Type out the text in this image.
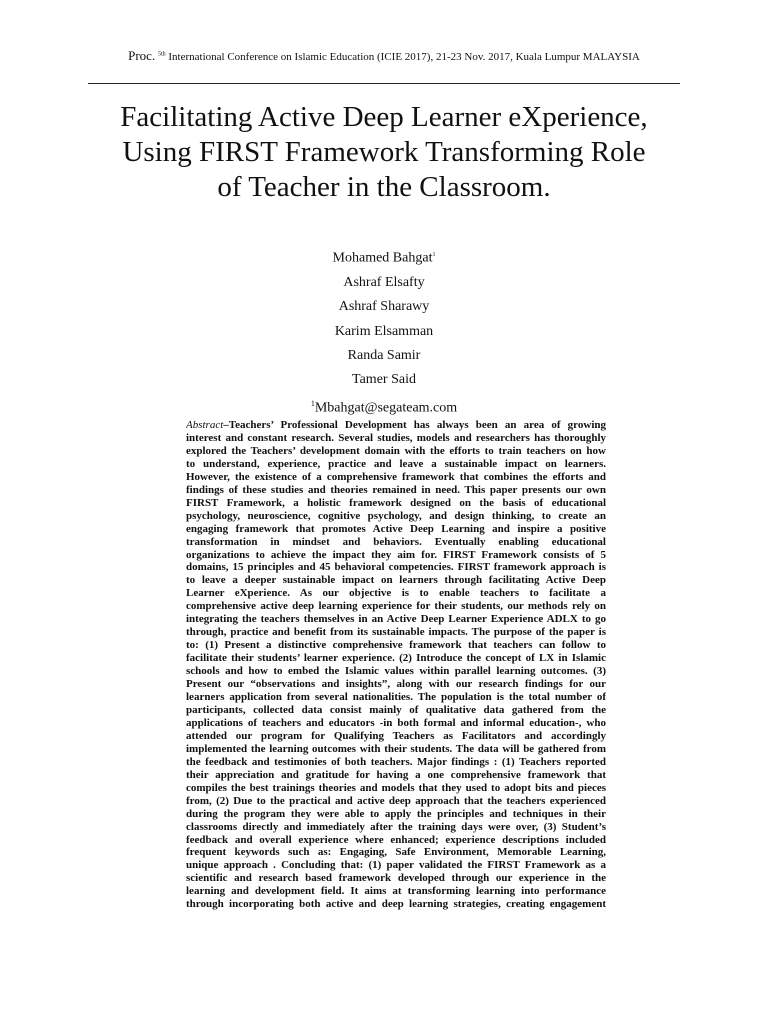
Proc. $^{5th}$ International Conference on Islamic Education (ICIE 2017), 21-23 Nov. 2017, Kuala Lumpur MALAYSIA
Facilitating Active Deep Learner eXperience,
Using FIRST Framework Transforming Role
of Teacher in the Classroom.
Mohamed Bahgat$^1$
Ashraf Elsafty
Ashraf Sharawy
Karim Elsamman
Randa Samir
Tamer Said
$^1$Mbahgat@segateam.com
Abstract–Teachers’ Professional Development has always been an area of growing
interest and constant research. Several studies, models and researchers has thoroughly
explored the Teachers’ development domain with the efforts to train teachers on how
to understand, experience, practice and leave a sustainable impact on learners.
However, the existence of a comprehensive framework that combines the efforts and
findings of these studies and theories remained in need. This paper presents our own
FIRST Framework, a holistic framework designed on the basis of educational
psychology, neuroscience, cognitive psychology, and design thinking, to create an
engaging framework that promotes Active Deep Learning and inspire a positive
transformation in mindset and behaviors. Eventually enabling educational
organizations to achieve the impact they aim for. FIRST Framework consists of 5
domains, 15 principles and 45 behavioral competencies. FIRST framework approach is
to leave a deeper sustainable impact on learners through facilitating Active Deep
Learner eXperience. As our objective is to enable teachers to facilitate a
comprehensive active deep learning experience for their students, our methods rely on
integrating the teachers themselves in an Active Deep Learner Experience ADLX to go
through, practice and benefit from its sustainable impacts. The purpose of the paper is
to: (1) Present a distinctive comprehensive framework that teachers can follow to
facilitate their students’ learner experience. (2) Introduce the concept of LX in Islamic
schools and how to embed the Islamic values within parallel learning outcomes. (3)
Present our “observations and insights”, along with our research findings for our
learners application from several nationalities. The population is the total number of
participants, collected data consist mainly of qualitative data gathered from the
applications of teachers and educators -in both formal and informal education-, who
attended our program for Qualifying Teachers as Facilitators and accordingly
implemented the learning outcomes with their students. The data will be gathered from
the feedback and testimonies of both teachers. Major findings : (1) Teachers reported
their appreciation and gratitude for having a one comprehensive framework that
compiles the best trainings theories and models that they used to adopt bits and pieces
from, (2) Due to the practical and active deep approach that the teachers experienced
during the program they were able to apply the principles and techniques in their
classrooms directly and immediately after the training days were over, (3) Student’s
feedback and overall experience where enhanced; experience descriptions included
frequent keywords such as: Engaging, Safe Environment, Memorable Learning,
unique approach . Concluding that: (1) paper validated the FIRST Framework as a
scientific and research based framework developed through our experience in the
learning and development field. It aims at transforming learning into performance
through incorporating both active and deep learning strategies, creating engagement
